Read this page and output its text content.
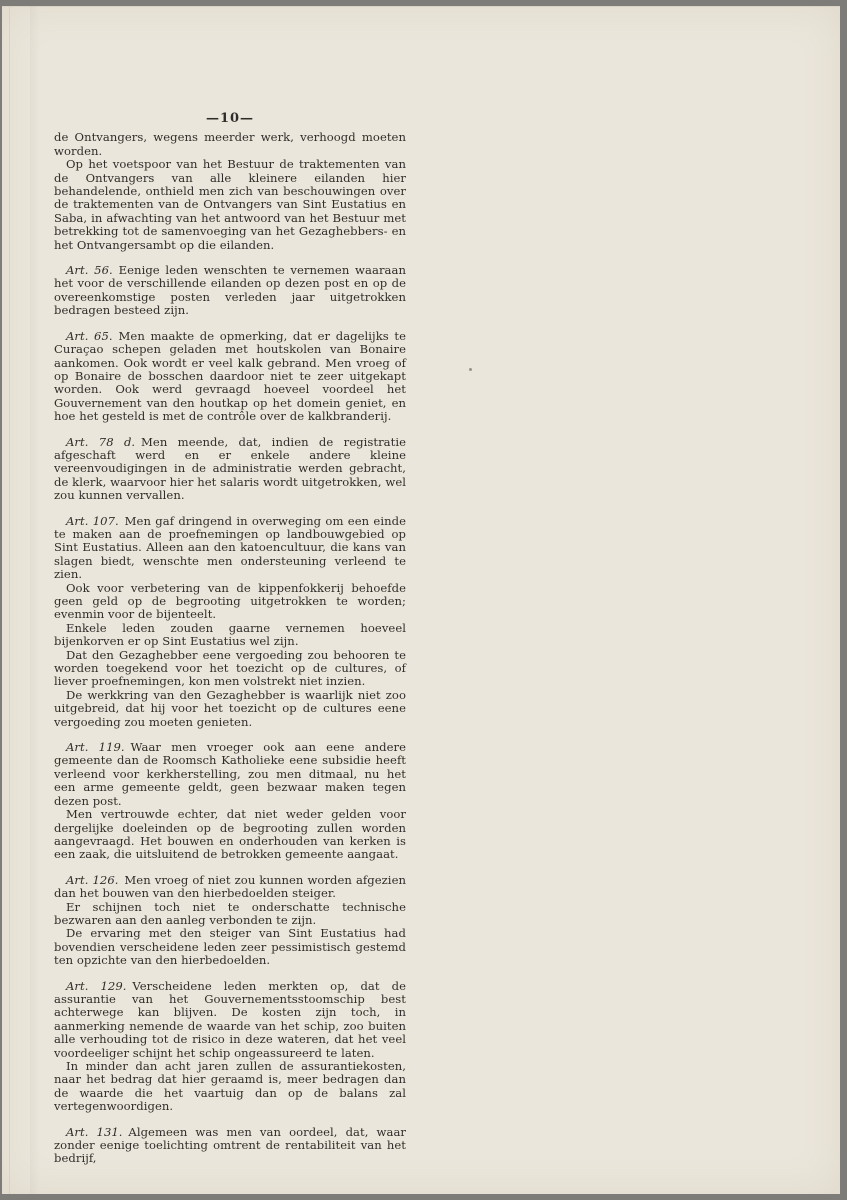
—10—

de Ontvangers, wegens meerder werk, verhoogd moeten worden.

Op het voetspoor van het Bestuur de traktementen van de Ontvangers van alle kleinere eilanden hier behandelende, onthield men zich van beschouwingen over de traktementen van de Ontvangers van Sint Eustatius en Saba, in afwachting van het antwoord van het Bestuur met betrekking tot de samenvoeging van het Gezaghebbers- en het Ontvangersambt op die eilanden.

Art. 56.  Eenige leden wenschten te vernemen waaraan het voor de verschillende eilanden op dezen post en op de overeenkomstige posten verleden jaar uitgetrokken bedragen besteed zijn.

Art. 65.  Men maakte de opmerking, dat er dagelijks te Curaçao schepen geladen met houtskolen van Bonaire aankomen. Ook wordt er veel kalk gebrand. Men vroeg of op Bonaire de bosschen daardoor niet te zeer uitgekapt worden. Ook werd gevraagd hoeveel voordeel het Gouvernement van den houtkap op het domein geniet, en hoe het gesteld is met de contrôle over de kalkbranderij.

Art. 78 d.  Men meende, dat, indien de registratie afgeschaft werd en er enkele andere kleine vereenvoudigingen in de administratie werden gebracht, de klerk, waarvoor hier het salaris wordt uitgetrokken, wel zou kunnen vervallen.

Art. 107.  Men gaf dringend in overweging om een einde te maken aan de proefnemingen op landbouwgebied op Sint Eustatius. Alleen aan den katoencultuur, die kans van slagen biedt, wenschte men ondersteuning verleend te zien.

Ook voor verbetering van de kippenfokkerij behoefde geen geld op de begrooting uitgetrokken te worden; evenmin voor de bijenteelt.

Enkele leden zouden gaarne vernemen hoeveel bijenkorven er op Sint Eustatius wel zijn.

Dat den Gezaghebber eene vergoeding zou behooren te worden toegekend voor het toezicht op de cultures, of liever proefnemingen, kon men volstrekt niet inzien.

De werkkring van den Gezaghebber is waarlijk niet zoo uitgebreid, dat hij voor het toezicht op de cultures eene vergoeding zou moeten genieten.

Art. 119.  Waar men vroeger ook aan eene andere gemeente dan de Roomsch Katholieke eene subsidie heeft verleend voor kerkherstelling, zou men ditmaal, nu het een arme gemeente geldt, geen bezwaar maken tegen dezen post.

Men vertrouwde echter, dat niet weder gelden voor dergelijke doeleinden op de begrooting zullen worden aangevraagd. Het bouwen en onderhouden van kerken is een zaak, die uitsluitend de betrokken gemeente aangaat.

Art. 126.  Men vroeg of niet zou kunnen worden afgezien dan het bouwen van den hierbedoelden steiger.

Er schijnen toch niet te onderschatte technische bezwaren aan den aanleg verbonden te zijn.

De ervaring met den steiger van Sint Eustatius had bovendien verscheidene leden zeer pessimistisch gestemd ten opzichte van den hierbedoelden.

Art. 129.  Verscheidene leden merkten op, dat de assurantie van het Gouvernementsstoomschip best achterwege kan blijven. De kosten zijn toch, in aanmerking nemende de waarde van het schip, zoo buiten alle verhouding tot de risico in deze wateren, dat het veel voordeeliger schijnt het schip ongeassureerd te laten.

In minder dan acht jaren zullen de assurantiekosten, naar het bedrag dat hier geraamd is, meer bedragen dan de waarde die het vaartuig dan op de balans zal vertegenwoordigen.

Art. 131.  Algemeen was men van oordeel, dat, waar zonder eenige toelichting omtrent de rentabiliteit van het bedrijf,
